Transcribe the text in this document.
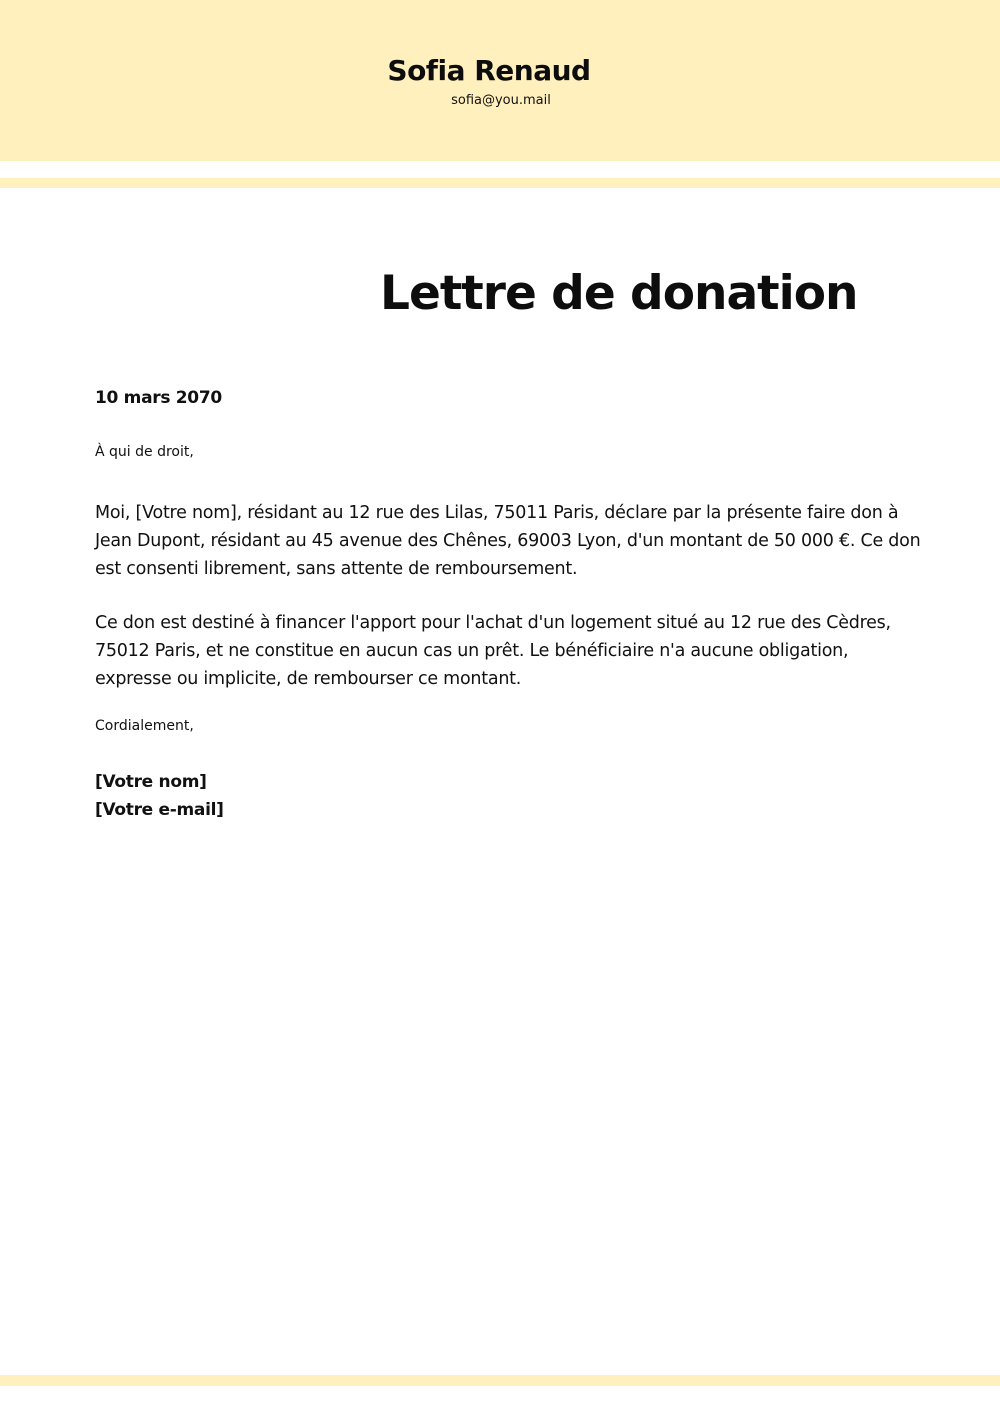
Sofia Renaud
sofia@you.mail
Lettre de donation
10 mars 2070
À qui de droit,
Moi, [Votre nom], résidant au 12 rue des Lilas, 75011 Paris, déclare par la présente faire don à Jean Dupont, résidant au 45 avenue des Chênes, 69003 Lyon, d'un montant de 50 000 €. Ce don est consenti librement, sans attente de remboursement.
Ce don est destiné à financer l'apport pour l'achat d'un logement situé au 12 rue des Cèdres, 75012 Paris, et ne constitue en aucun cas un prêt. Le bénéficiaire n'a aucune obligation, expresse ou implicite, de rembourser ce montant.
Cordialement,
[Votre nom]
[Votre e-mail]
